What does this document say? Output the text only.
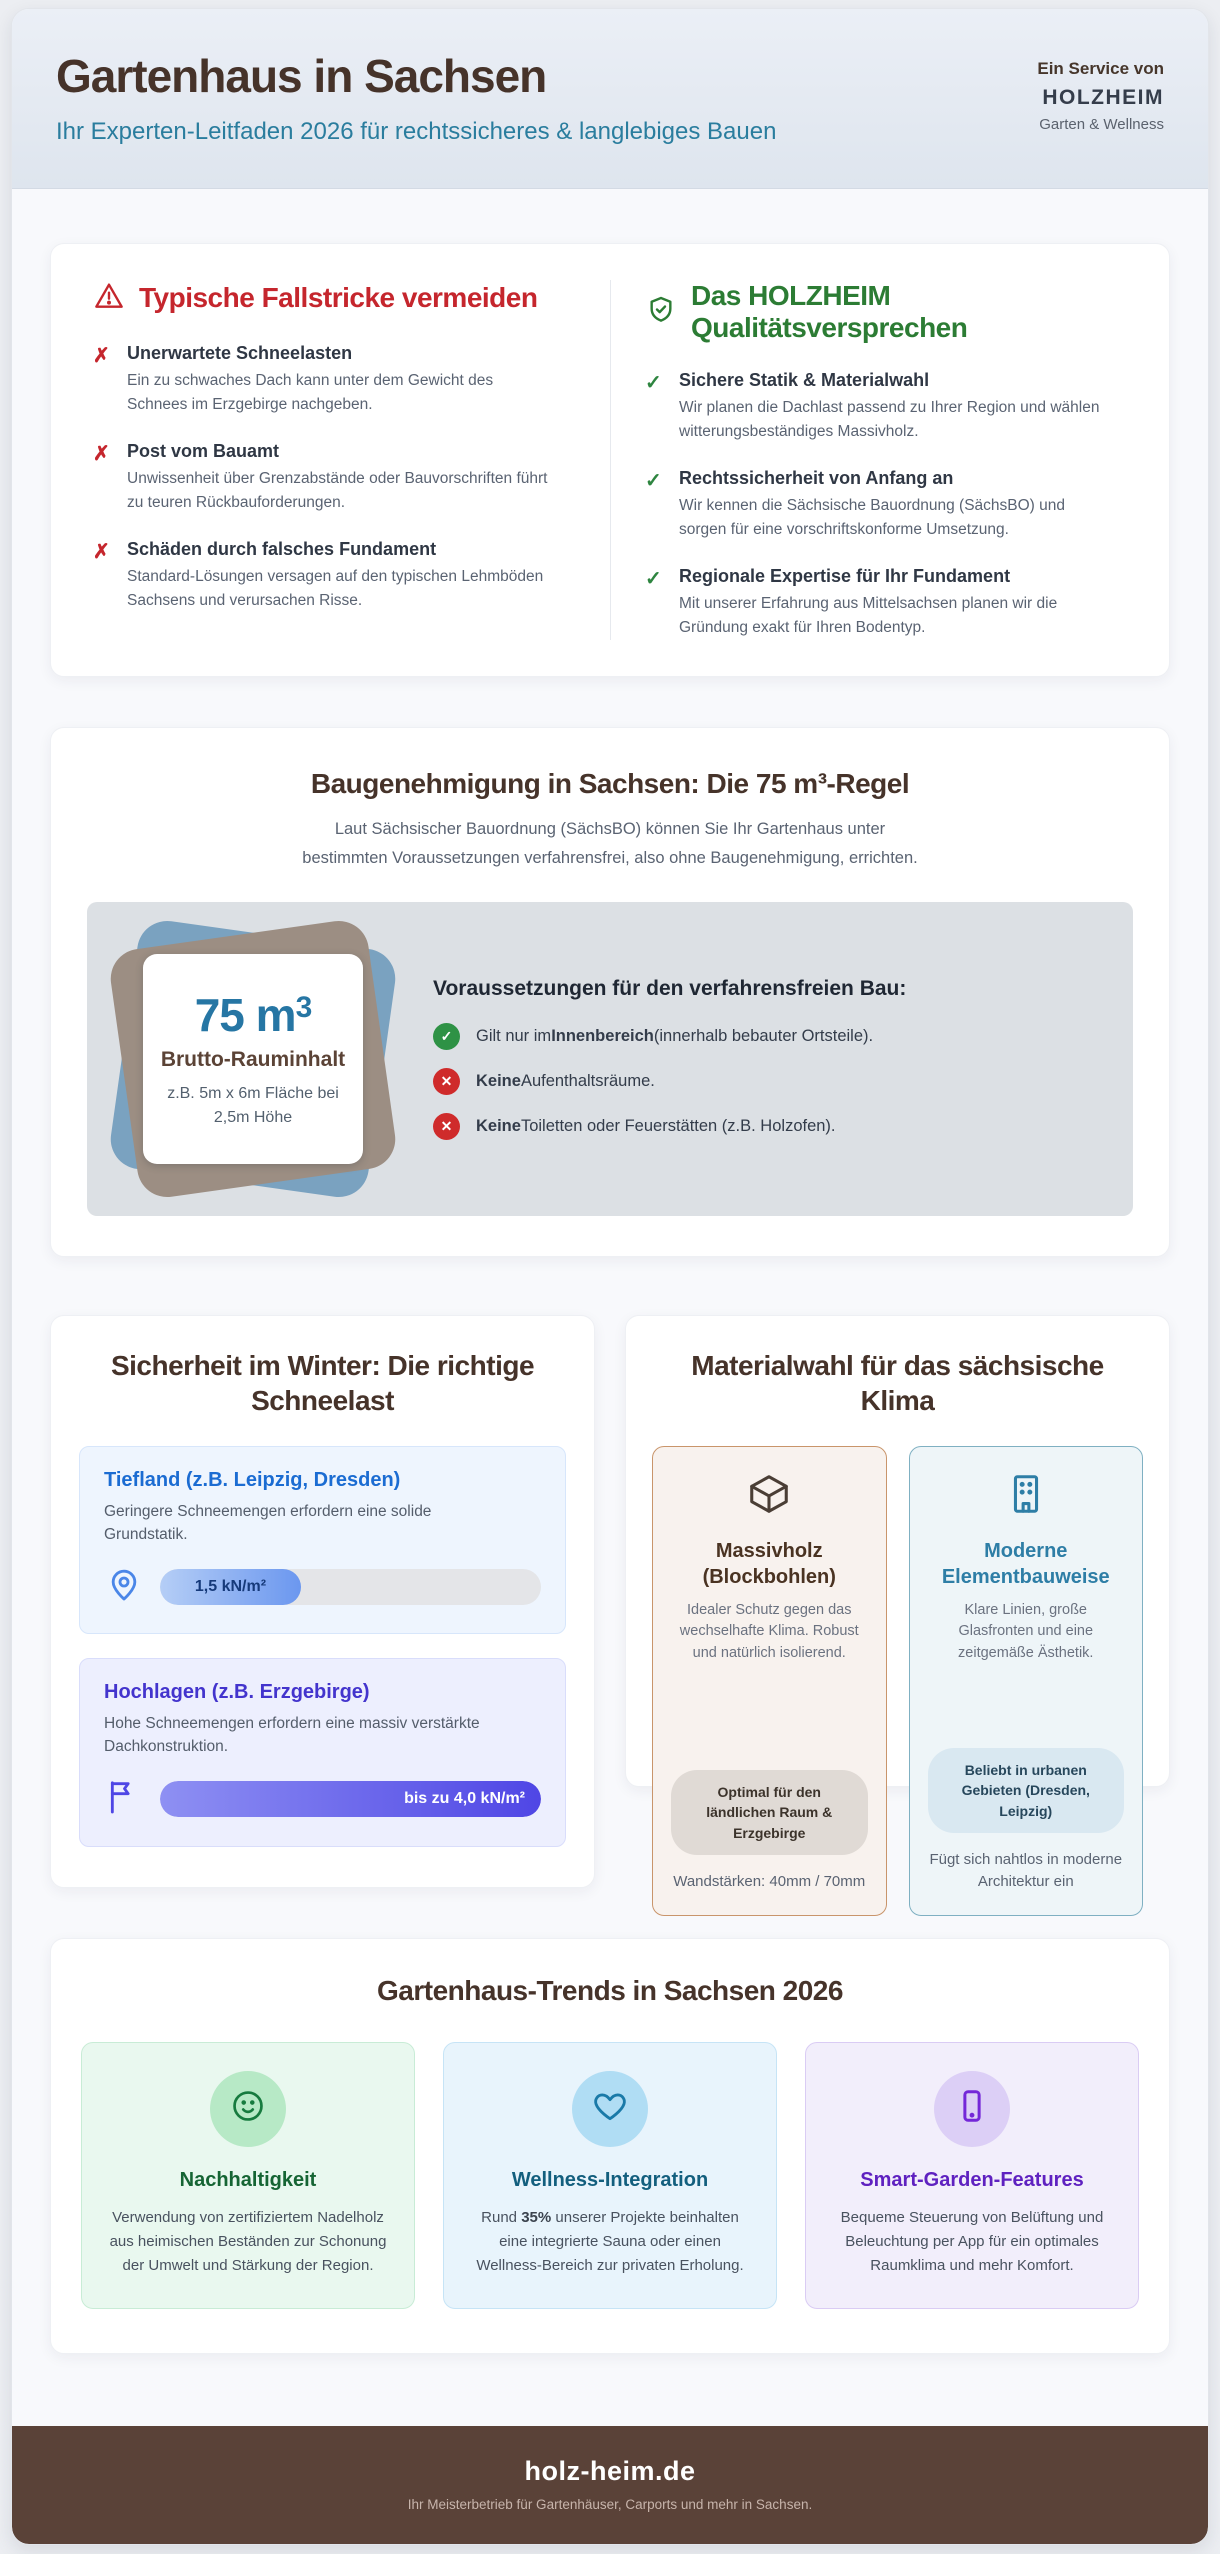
Gartenhaus in Sachsen
Ihr Experten-Leitfaden 2026 für rechtssicheres & langlebiges Bauen
Ein Service von
HOLZHEIM
Garten & Wellness
Typische Fallstricke vermeiden
✗ Unerwartete Schneelasten
Ein zu schwaches Dach kann unter dem Gewicht des Schnees im Erzgebirge nachgeben.
✗ Post vom Bauamt
Unwissenheit über Grenzabstände oder Bauvorschriften führt zu teuren Rückbauforderungen.
✗ Schäden durch falsches Fundament
Standard-Lösungen versagen auf den typischen Lehmböden Sachsens und verursachen Risse.
Das HOLZHEIM Qualitätsversprechen
✓ Sichere Statik & Materialwahl
Wir planen die Dachlast passend zu Ihrer Region und wählen witterungsbeständiges Massivholz.
✓ Rechtssicherheit von Anfang an
Wir kennen die Sächsische Bauordnung (SächsBO) und sorgen für eine vorschriftskonforme Umsetzung.
✓ Regionale Expertise für Ihr Fundament
Mit unserer Erfahrung aus Mittelsachsen planen wir die Gründung exakt für Ihren Bodentyp.
Baugenehmigung in Sachsen: Die 75 m³-Regel

Laut Sächsischer Bauordnung (SächsBO) können Sie Ihr Gartenhaus unter bestimmten Voraussetzungen verfahrensfrei, also ohne Baugenehmigung, errichten.

75 $m^3$
Brutto-Rauminhalt
z.B. 5m x 6m Fläche bei 2,5m Höhe
Voraussetzungen für den verfahrensfreien Bau:
✓	Gilt nur imInnenbereich(innerhalb bebauter Ortsteile).
✕	KeineAufenthaltsräume.
✕	KeineToiletten oder Feuerstätten (z.B. Holzofen).
Sicherheit im Winter: Die richtige Schneelast
Tiefland (z.B. Leipzig, Dresden)
Geringere Schneemengen erfordern eine solide Grundstatik.
1,5 kN/m²
Hochlagen (z.B. Erzgebirge)
Hohe Schneemengen erfordern eine massiv verstärkte Dachkonstruktion.
bis zu 4,0 kN/m²
Materialwahl für das sächsische Klima
Massivholz (Blockbohlen)
Idealer Schutz gegen das wechselhafte Klima. Robust und natürlich isolierend.
Optimal für den ländlichen Raum & Erzgebirge
Wandstärken: 40mm / 70mm
Moderne Elementbauweise
Klare Linien, große Glasfronten und eine zeitgemäße Ästhetik.
Beliebt in urbanen Gebieten (Dresden, Leipzig)
Fügt sich nahtlos in moderne Architektur ein
Gartenhaus-Trends in Sachsen 2026
Nachhaltigkeit
Verwendung von zertifiziertem Nadelholz aus heimischen Beständen zur Schonung der Umwelt und Stärkung der Region.
Wellness-Integration
Rund 35% unserer Projekte beinhalten eine integrierte Sauna oder einen Wellness-Bereich zur privaten Erholung.
Smart-Garden-Features
Bequeme Steuerung von Belüftung und Beleuchtung per App für ein optimales Raumklima und mehr Komfort.
holz-heim.de
Ihr Meisterbetrieb für Gartenhäuser, Carports und mehr in Sachsen.
